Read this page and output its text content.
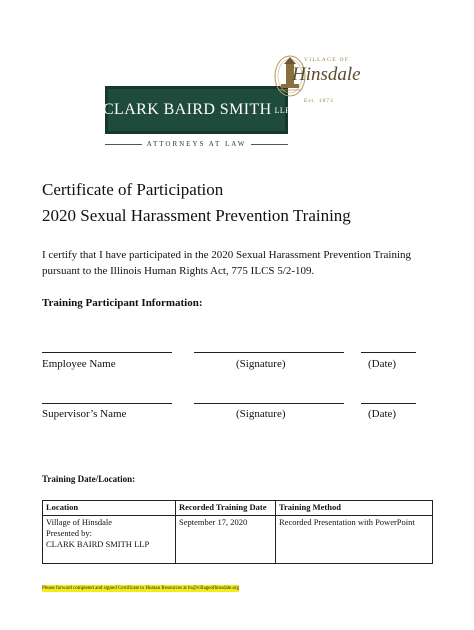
CLARK BAIRD SMITH LLP
ATTORNEYS AT LAW
VILLAGE OF
Hinsdale
Est. 1873
Certificate of Participation
2020 Sexual Harassment Prevention Training
I certify that I have participated in the 2020 Sexual Harassment Prevention Training pursuant to the Illinois Human Rights Act, 775 ILCS 5/2-109.
Training Participant Information:
Employee Name	(Signature)	(Date)
Supervisor’s Name	(Signature)	(Date)
Training Date/Location:
Location	Recorded Training Date	Training Method

Village of Hinsdale
Presented by:
CLARK BAIRD SMITH LLP	September 17, 2020	Recorded Presentation with PowerPoint
Please forward completed and signed Certificate to Human Resources at hr@villageofhinsdale.org
